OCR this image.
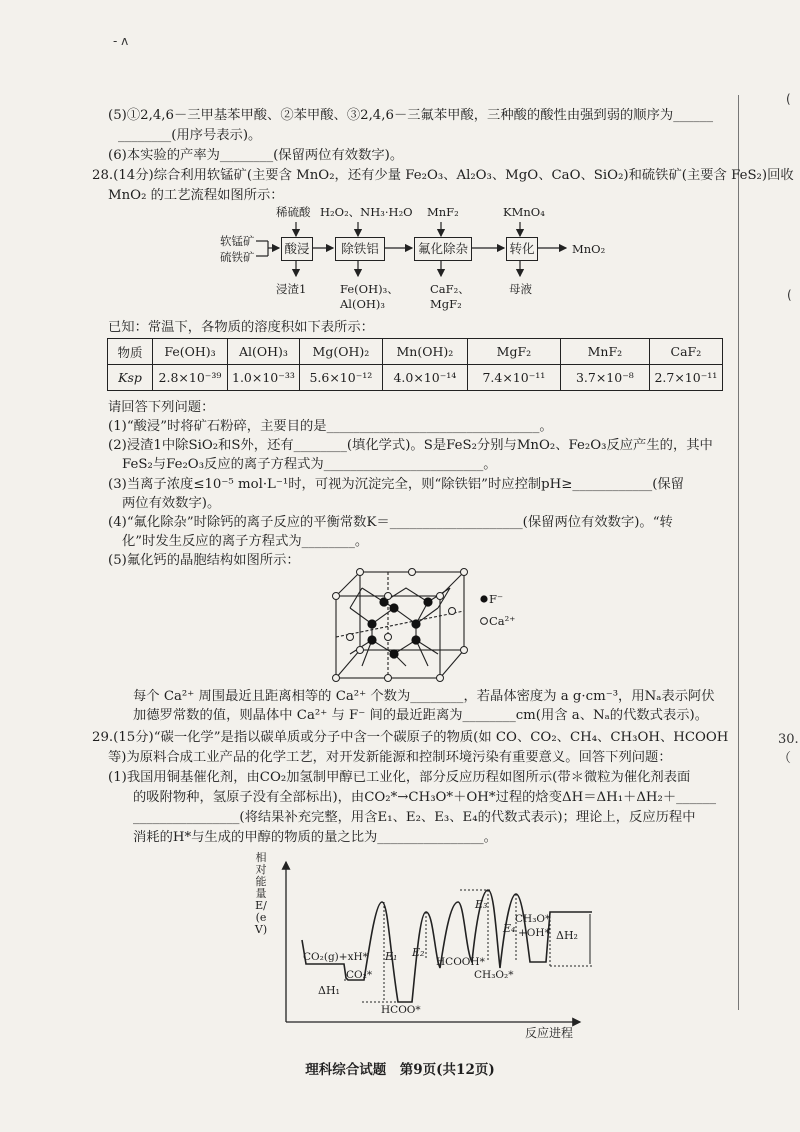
- ʌ
(
(
30.（
(5)①2,4,6－三甲基苯甲酸、②苯甲酸、③2,4,6－三氟苯甲酸，三种酸的酸性由强到弱的顺序为______
________(用序号表示)。
(6)本实验的产率为________(保留两位有效数字)。
28.(14分)综合利用软锰矿(主要含 MnO₂，还有少量 Fe₂O₃、Al₂O₃、MgO、CaO、SiO₂)和硫铁矿(主要含 FeS₂)回收
MnO₂ 的工艺流程如图所示：
软锰矿
硫铁矿
酸浸	除铁铝	氟化除杂	转化	MnO₂
稀硫酸 H₂O₂、NH₃·H₂O MnF₂	KMnO₄
浸渣1	Fe(OH)₃、
Al(OH)₃
CaF₂、
MgF₂
母液
已知：常温下，各物质的溶度积如下表所示：
物质	Fe(OH)₃	Al(OH)₃	Mg(OH)₂	Mn(OH)₂	MgF₂	MnF₂	CaF₂
Ksp	2.8×10⁻³⁹	1.0×10⁻³³	5.6×10⁻¹²	4.0×10⁻¹⁴	7.4×10⁻¹¹	3.7×10⁻⁸	2.7×10⁻¹¹
请回答下列问题：
(1)“酸浸”时将矿石粉碎，主要目的是________________________________。
(2)浸渣1中除SiO₂和S外，还有________(填化学式)。S是FeS₂分别与MnO₂、Fe₂O₃反应产生的，其中
FeS₂与Fe₂O₃反应的离子方程式为________________________。
(3)当离子浓度≤10⁻⁵ mol·L⁻¹时，可视为沉淀完全，则“除铁铝”时应控制pH≥____________(保留
两位有效数字)。
(4)“氟化除杂”时除钙的离子反应的平衡常数K＝____________________(保留两位有效数字)。“转
化”时发生反应的离子方程式为________。
(5)氟化钙的晶胞结构如图所示：
F⁻
Ca²⁺
每个 Ca²⁺ 周围最近且距离相等的 Ca²⁺ 个数为________，若晶体密度为 a g·cm⁻³，用Nₐ表示阿伏
加德罗常数的值，则晶体中 Ca²⁺ 与 F⁻ 间的最近距离为________cm(用含 a、Nₐ的代数式表示)。
29.(15分)“碳一化学”是指以碳单质或分子中含一个碳原子的物质(如 CO、CO₂、CH₄、CH₃OH、HCOOH
等)为原料合成工业产品的化学工艺，对开发新能源和控制环境污染有重要意义。回答下列问题：
(1)我国用铜基催化剂，由CO₂加氢制甲醇已工业化，部分反应历程如图所示(带＊微粒为催化剂表面
的吸附物种，氢原子没有全部标出)，由CO₂*→CH₃O*＋OH*过程的焓变ΔH＝ΔH₁＋ΔH₂＋______
________________(将结果补充完整，用含E₁、E₂、E₃、E₄的代数式表示)；理论上，反应历程中
消耗的H*与生成的甲醇的物质的量之比为________________。
相对能量E/(eV)
反应进程
CO₂(g)+xH*
CO₂*
HCOO*
HCOOH*
CH₃O₂*
CH₃O*
+OH*
E₁ E₂
E₃
E₄
ΔH₁
ΔH₂
理科综合试题　第9页(共12页)
